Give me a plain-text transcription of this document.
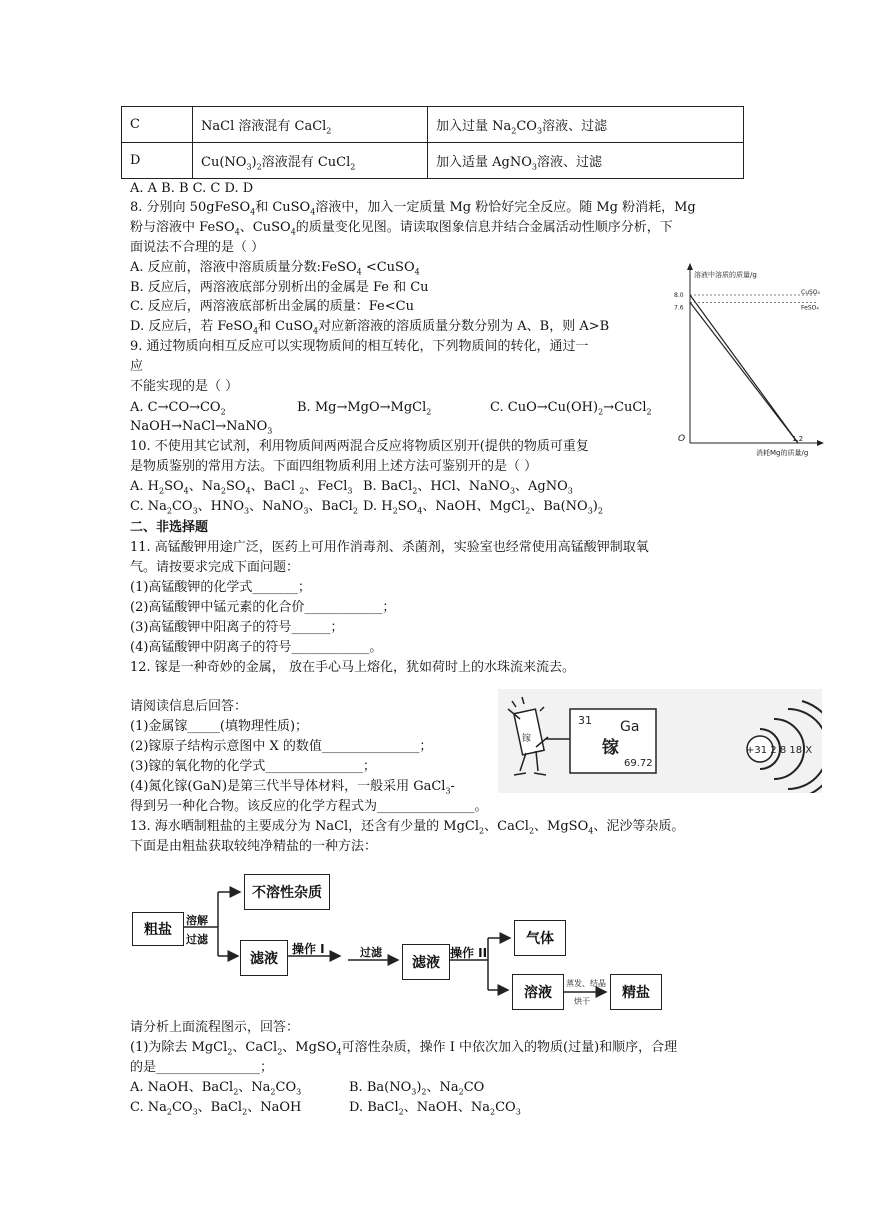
C	NaCl 溶液混有 CaCl$_2$	加入过量 $Na_2CO_3$溶液、过滤
D	$Cu(NO_3)_2$溶液混有 CuCl$_2$	加入适量 AgNO$_3$溶液、过滤
A. A B. B C. C D. D
8. 分别向 50gFeSO$_4$和 CuSO$_4$溶液中，加入一定质量 Mg 粉恰好完全反应。随 Mg 粉消耗，Mg
粉与溶液中 FeSO$_4$、CuSO$_4$的质量变化见图。请读取图象信息并结合金属活动性顺序分析，下
面说法不合理的是（ ）
A. 反应前，溶液中溶质质量分数:FeSO$_4$ <CuSO$_4$
B. 反应后，两溶液底部分别析出的金属是 Fe 和 Cu
C. 反应后，两溶液底部析出金属的质量：Fe<Cu
D. 反应后，若 FeSO$_4$和 CuSO$_4$对应新溶液的溶质质量分数分别为 A、B，则 A>B
9. 通过物质向相互反应可以实现物质间的相互转化，下列物质间的转化，通过一
应
不能实现的是（ ）
A. $C\to CO\to CO_2$	B. Mg→MgO→MgCl$_2$	C. $CuO\to Cu(OH)_2\to CuCl_2$
NaOH→NaCl→NaNO$_3$
10. 不使用其它试剂，利用物质间两两混合反应将物质区别开(提供的物质可重复
是物质鉴别的常用方法。下面四组物质利用上述方法可鉴别开的是（ ）
A. $H_2SO_4$、$Na_2SO_4$、BaCl $_2$、FeCl$_3$ B. BaCl$_2$、HCl、NaNO$_3$、AgNO$_3$
C. $Na_2CO_3$、$HNO_3$、NaNO$_3$、BaCl$_2$ D. $H_2SO_4$、NaOH、MgCl$_2$、$Ba(NO_3)_2$
二、非选择题
11. 高锰酸钾用途广泛，医药上可用作消毒剂、杀菌剂，实验室也经常使用高锰酸钾制取氧
气。请按要求完成下面问题：
(1)高锰酸钾的化学式_______；
(2)高锰酸钾中锰元素的化合价____________；
(3)高锰酸钾中阳离子的符号______；
(4)高锰酸钾中阴离子的符号____________。
12. 镓是一种奇妙的金属， 放在手心马上熔化，犹如荷时上的水珠流来流去。
请阅读信息后回答：
(1)金属镓_____(填物理性质)；
(2)镓原子结构示意图中 X 的数值_______________；
(3)镓的氧化物的化学式_______________；
(4)氮化镓(GaN)是第三代半导体材料，一般采用 GaCl$_3$-
得到另一种化合物。该反应的化学方程式为_______________。
13. 海水晒制粗盐的主要成分为 NaCl，还含有少量的 MgCl$_2$、CaCl$_2$、MgSO$_4$、泥沙等杂质。
下面是由粗盐获取较纯净精盐的一种方法：
请分析上面流程图示，回答：
(1)为除去 MgCl$_2$、CaCl$_2$、MgSO$_4$可溶性杂质，操作 I 中依次加入的物质(过量)和顺序，合理
的是________________；
A. NaOH、BaCl$_2$、$Na_2CO_3$	B. $Ba(NO_3)_2$、$Na_2CO$
C. $Na_2CO_3$、BaCl$_2$、NaOH	D. BaCl$_2$、NaOH、$Na_2CO_3$
溶液中溶质的质量/g
消耗Mg的质量/g
O
CuSO₄
FeSO₄
8.0
7.6
1.2
镓
31 Ga
镓
69.72
+31 2 8 18 X
粗盐
溶解
过滤
不溶性杂质
滤液
操作 I	过滤
滤液
操作 II
气体
溶液
蒸发、结晶
烘干
精盐
